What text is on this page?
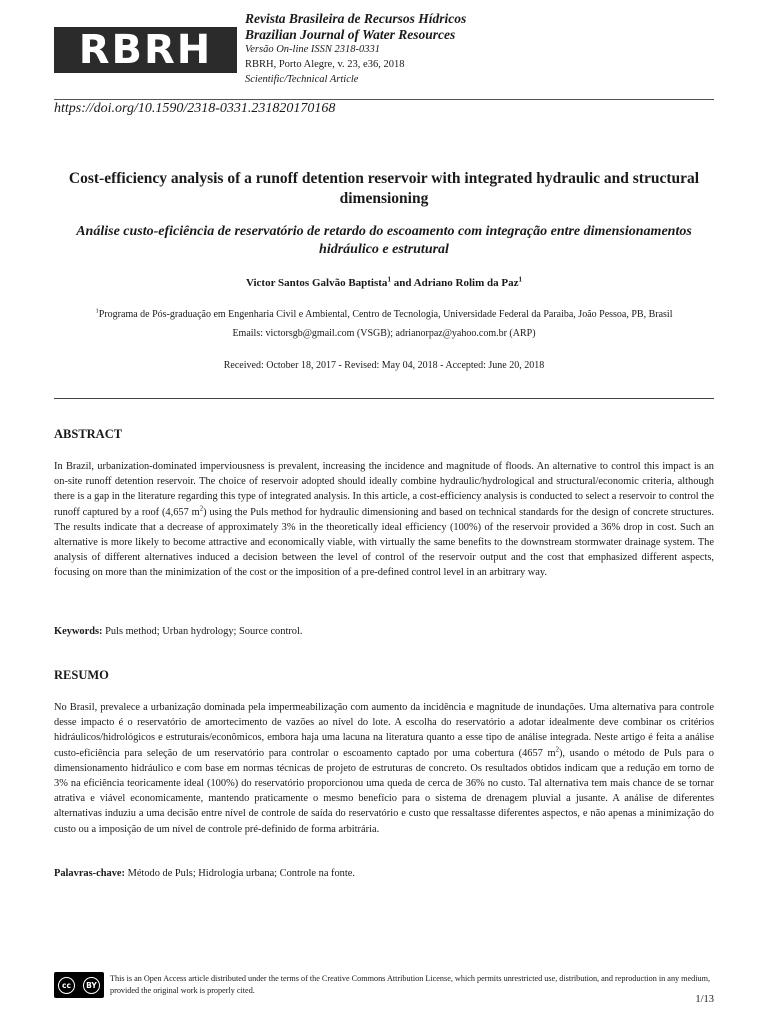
RBRH
Revista Brasileira de Recursos Hídricos
Brazilian Journal of Water Resources
Versão On-line ISSN 2318-0331
RBRH, Porto Alegre, v. 23, e36, 2018
Scientific/Technical Article
https://doi.org/10.1590/2318-0331.231820170168
Cost-efficiency analysis of a runoff detention reservoir with integrated hydraulic and structural dimensioning
Análise custo-eficiência de reservatório de retardo do escoamento com integração entre dimensionamentos hidráulico e estrutural
Victor Santos Galvão Baptista$^1$ and Adriano Rolim da Paz$^1$
$^1$Programa de Pós-graduação em Engenharia Civil e Ambiental, Centro de Tecnologia, Universidade Federal da Paraiba, João Pessoa, PB, Brasil
Emails: victorsgb@gmail.com (VSGB); adrianorpaz@yahoo.com.br (ARP)
Received: October 18, 2017 - Revised: May 04, 2018 - Accepted: June 20, 2018
ABSTRACT
In Brazil, urbanization-dominated imperviousness is prevalent, increasing the incidence and magnitude of floods. An alternative to control this impact is an on-site runoff detention reservoir. The choice of reservoir adopted should ideally combine hydraulic/hydrological and structural/economic criteria, although there is a gap in the literature regarding this type of integrated analysis. In this article, a cost-efficiency analysis is conducted to select a reservoir to control the runoff captured by a roof (4,657 $m^2$) using the Puls method for hydraulic dimensioning and based on technical standards for the design of concrete structures. The results indicate that a decrease of approximately 3% in the theoretically ideal efficiency (100%) of the reservoir provided a 36% drop in cost. Such an alternative is more likely to become attractive and economically viable, with virtually the same benefits to the downstream stormwater drainage system. The analysis of different alternatives induced a decision between the level of control of the reservoir output and the cost that emphasized different aspects, focusing on more than the minimization of the cost or the imposition of a pre-defined control level in an arbitrary way.
Keywords: Puls method; Urban hydrology; Source control.
RESUMO
No Brasil, prevalece a urbanização dominada pela impermeabilização com aumento da incidência e magnitude de inundações. Uma alternativa para controle desse impacto é o reservatório de amortecimento de vazões ao nível do lote. A escolha do reservatório a adotar idealmente deve combinar os critérios hidráulicos/hidrológicos e estruturais/econômicos, embora haja uma lacuna na literatura quanto a esse tipo de análise integrada. Neste artigo é feita a análise custo-eficiência para seleção de um reservatório para controlar o escoamento captado por uma cobertura (4657 $m^2$), usando o método de Puls para o dimensionamento hidráulico e com base em normas técnicas de projeto de estruturas de concreto. Os resultados obtidos indicam que a redução em torno de 3% na eficiência teoricamente ideal (100%) do reservatório proporcionou uma queda de cerca de 36% no custo. Tal alternativa tem mais chance de se tornar atrativa e viável economicamente, mantendo praticamente o mesmo benefício para o sistema de drenagem pluvial a jusante. A análise de diferentes alternativas induziu a uma decisão entre nível de controle de saída do reservatório e custo que ressaltasse diferentes aspectos, e não apenas a minimização do custo ou a imposição de um nível de controle pré-definido de forma arbitrária.
Palavras-chave: Método de Puls; Hidrologia urbana; Controle na fonte.
cc	BY
This is an Open Access article distributed under the terms of the Creative Commons Attribution License, which permits unrestricted use, distribution, and reproduction in any medium, provided the original work is properly cited.
1/13
